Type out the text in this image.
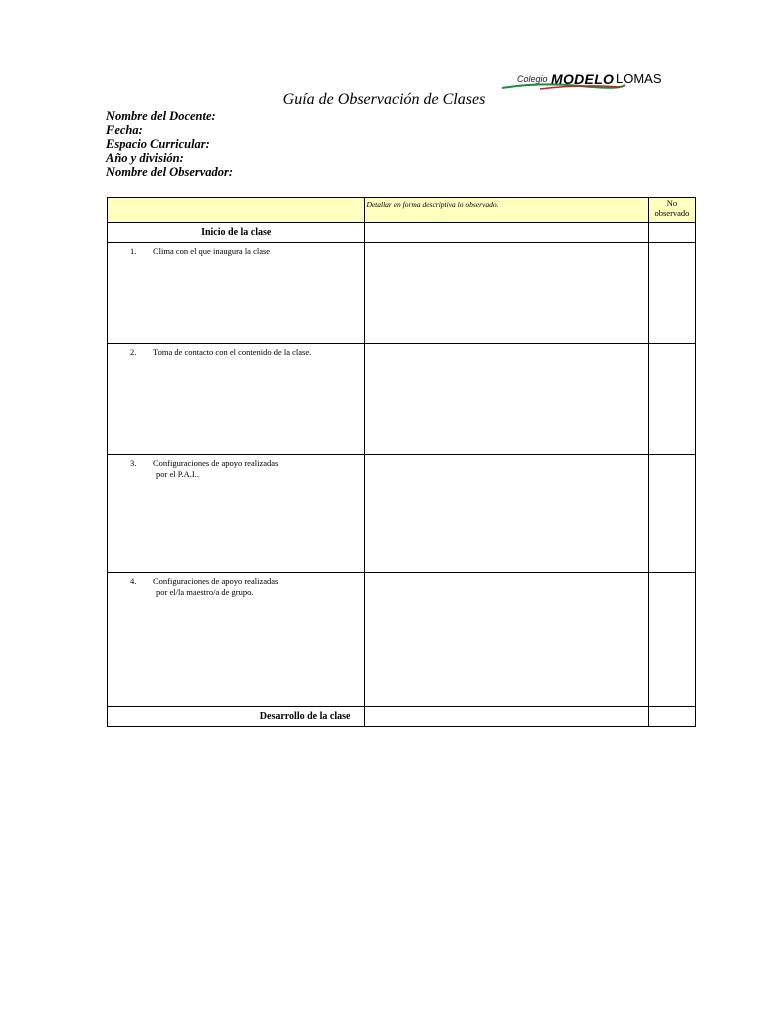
Colegio MODELO LOMAS
Guía de Observación de Clases
Nombre del Docente:
Fecha:
Espacio Curricular:
Año y división:
Nombre del Observador:
	Detallar en forma descriptiva lo observado.	No
observado

Inicio de la clase		
1. Clima con el que inaugura la clase		
2. Toma de contacto con el contenido de la clase.		
3. Configuraciones de apoyo realizadas
por el P.A.I..		
4. Configuraciones de apoyo realizadas
por el/la maestro/a de grupo.		
Desarrollo de la clase		
